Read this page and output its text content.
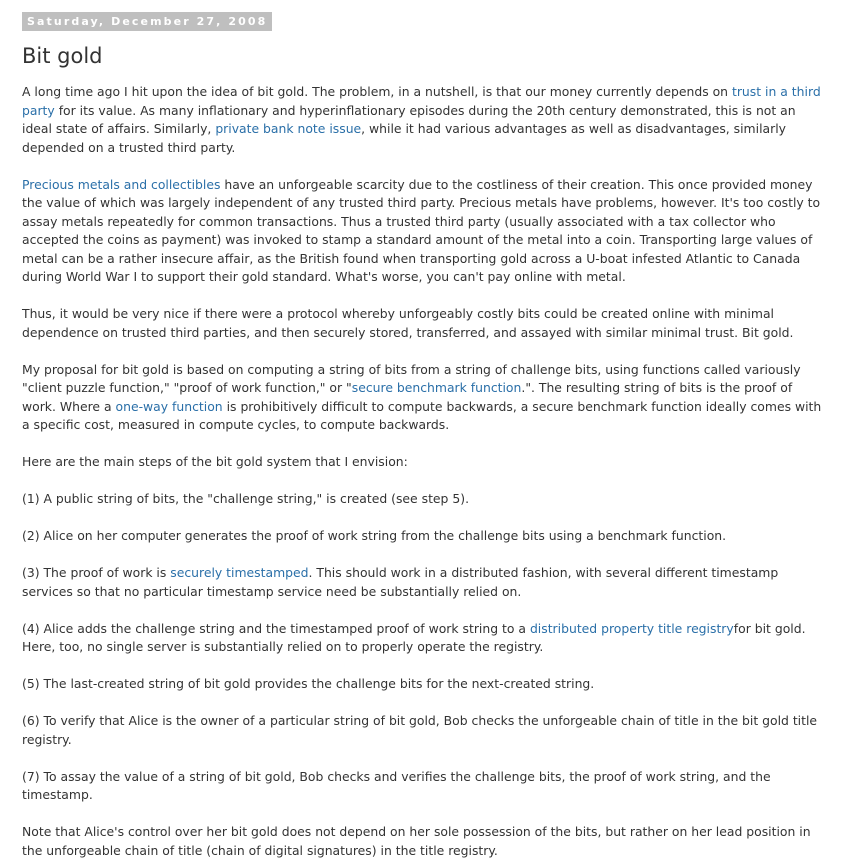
Saturday, December 27, 2008
Bit gold

A long time ago I hit upon the idea of bit gold. The problem, in a nutshell, is that our money currently depends on trust in a third party for its value. As many inflationary and hyperinflationary episodes during the 20th century demonstrated, this is not an ideal state of affairs. Similarly, private bank note issue, while it had various advantages as well as disadvantages, similarly depended on a trusted third party.

Precious metals and collectibles have an unforgeable scarcity due to the costliness of their creation. This once provided money the value of which was largely independent of any trusted third party. Precious metals have problems, however. It's too costly to assay metals repeatedly for common transactions. Thus a trusted third party (usually associated with a tax collector who accepted the coins as payment) was invoked to stamp a standard amount of the metal into a coin. Transporting large values of metal can be a rather insecure affair, as the British found when transporting gold across a U-boat infested Atlantic to Canada during World War I to support their gold standard. What's worse, you can't pay online with metal.

Thus, it would be very nice if there were a protocol whereby unforgeably costly bits could be created online with minimal dependence on trusted third parties, and then securely stored, transferred, and assayed with similar minimal trust. Bit gold.

My proposal for bit gold is based on computing a string of bits from a string of challenge bits, using functions called variously "client puzzle function," "proof of work function," or "secure benchmark function.". The resulting string of bits is the proof of work. Where a one-way function is prohibitively difficult to compute backwards, a secure benchmark function ideally comes with a specific cost, measured in compute cycles, to compute backwards.

Here are the main steps of the bit gold system that I envision:

(1) A public string of bits, the "challenge string," is created (see step 5).

(2) Alice on her computer generates the proof of work string from the challenge bits using a benchmark function.

(3) The proof of work is securely timestamped. This should work in a distributed fashion, with several different timestamp services so that no particular timestamp service need be substantially relied on.

(4) Alice adds the challenge string and the timestamped proof of work string to a distributed property title registryfor bit gold. Here, too, no single server is substantially relied on to properly operate the registry.

(5) The last-created string of bit gold provides the challenge bits for the next-created string.

(6) To verify that Alice is the owner of a particular string of bit gold, Bob checks the unforgeable chain of title in the bit gold title registry.

(7) To assay the value of a string of bit gold, Bob checks and verifies the challenge bits, the proof of work string, and the timestamp.

Note that Alice's control over her bit gold does not depend on her sole possession of the bits, but rather on her lead position in the unforgeable chain of title (chain of digital signatures) in the title registry.
